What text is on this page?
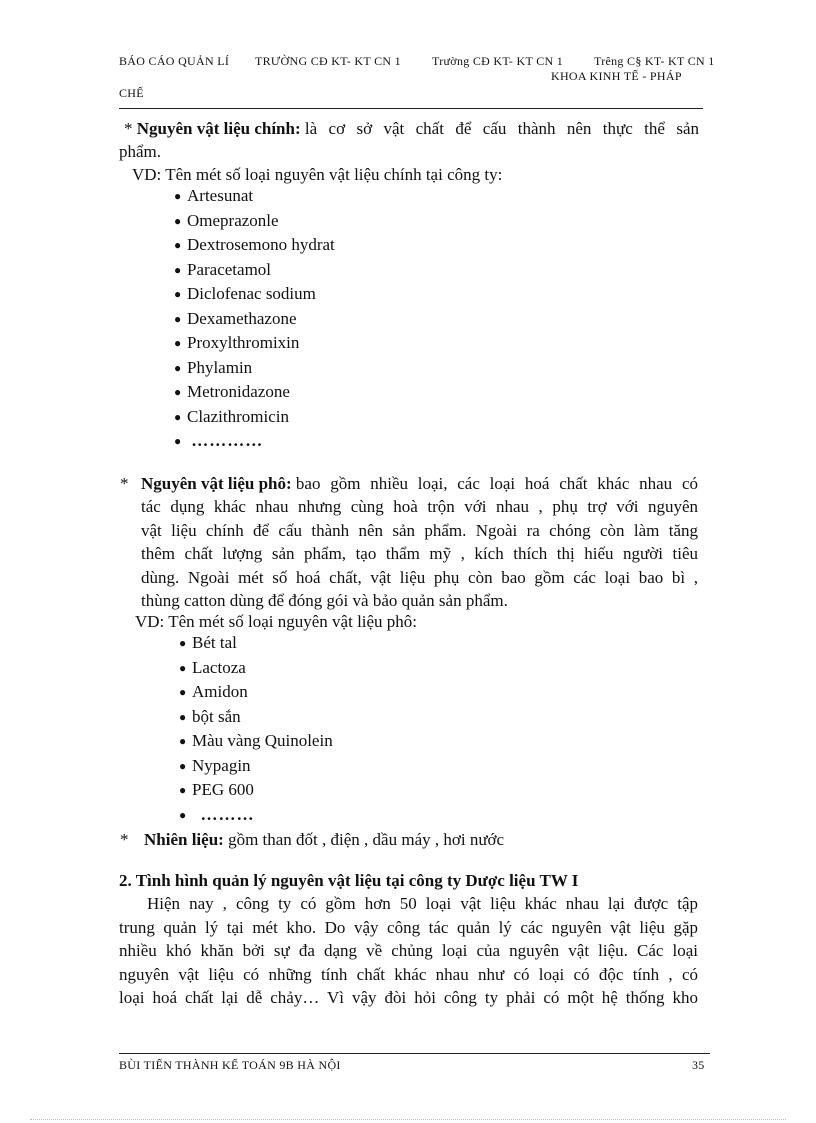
BÁO CÁO QUẢN LÍ TRƯỜNG CĐ KT- KT CN 1	Trường CĐ KT- KT CN 1	Trêng C§ KT- KT CN 1
KHOA KINH TẾ - PHÁP
CHẾ
* Nguyên vật liệu chính: là cơ sở vật chất để cấu thành nên thực thể sản
phẩm.
VD: Tên mét số loại nguyên vật liệu chính tại công ty:
● Artesunat
● Omeprazonle
● Dextrosemono hydrat
● Paracetamol
● Diclofenac sodium
● Dexamethazone
● Proxylthromixin
● Phylamin
● Metronidazone
● Clazithromicin
● …………
* Nguyên vật liệu phô:
bao gồm nhiều loại, các loại hoá chất khác nhau có

tác dụng khác nhau nhưng cùng hoà trộn với nhau , phụ trợ với nguyên

vật liệu chính để cấu thành nên sản phẩm. Ngoài ra chóng còn làm tăng

thêm chất lượng sản phẩm, tạo thẩm mỹ , kích thích thị hiếu người tiêu

dùng. Ngoài mét số hoá chất, vật liệu phụ còn bao gồm các loại bao bì ,

thùng catton dùng để đóng gói và bảo quản sản phẩm.

VD: Tên mét số loại nguyên vật liệu phô:
● Bét tal
● Lactoza
● Amidon
● bột sắn
● Màu vàng Quinolein
● Nypagin
● PEG 600
● ………
* Nhiên liệu: gồm than đốt , điện , dầu máy , hơi nước
2. Tình hình quản lý nguyên vật liệu tại công ty Dược liệu TW I

Hiện nay , công ty có gồm hơn 50 loại vật liệu khác nhau lại được tập

trung quản lý tại mét kho. Do vậy công tác quản lý các nguyên vật liệu gặp

nhiều khó khăn bởi sự đa dạng về chủng loại của nguyên vật liệu. Các loại

nguyên vật liệu có những tính chất khác nhau như có loại có độc tính , có

loại hoá chất lại dễ chảy… Vì vậy đòi hỏi công ty phải có một hệ thống kho

BÙI TIẾN THÀNH KẾ TOÁN 9B HÀ NỘI	35
